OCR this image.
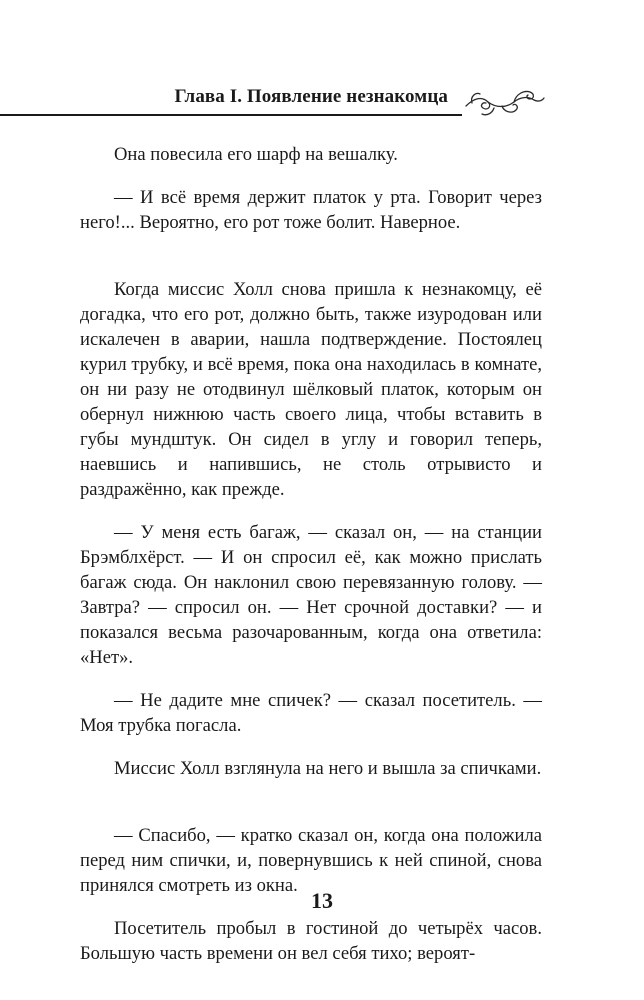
Глава I. Появление незнакомца

Она повесила его шарф на вешалку.

— И всё время держит платок у рта. Говорит через него!... Вероятно, его рот тоже болит. Наверное.

Когда миссис Холл снова пришла к незнакомцу, её догадка, что его рот, должно быть, также изуродован или искалечен в аварии, нашла подтверждение. Постоялец курил трубку, и всё время, пока она находилась в комнате, он ни разу не отодвинул шёлковый платок, которым он обернул нижнюю часть своего лица, чтобы вставить в губы мундштук. Он сидел в углу и говорил теперь, наевшись и напившись, не столь отрывисто и раздражённо, как прежде.

— У меня есть багаж, — сказал он, — на станции Брэмблхёрст. — И он спросил её, как можно прислать багаж сюда. Он наклонил свою перевязанную голову. — Завтра? — спросил он. — Нет срочной доставки? — и показался весьма разочарованным, когда она ответила: «Нет».

— Не дадите мне спичек? — сказал посетитель. — Моя трубка погасла.

Миссис Холл взглянула на него и вышла за спичками.

— Спасибо, — кратко сказал он, когда она положила перед ним спички, и, повернувшись к ней спиной, снова принялся смотреть из окна.

Посетитель пробыл в гостиной до четырёх часов. Большую часть времени он вел себя тихо; вероят-

13
